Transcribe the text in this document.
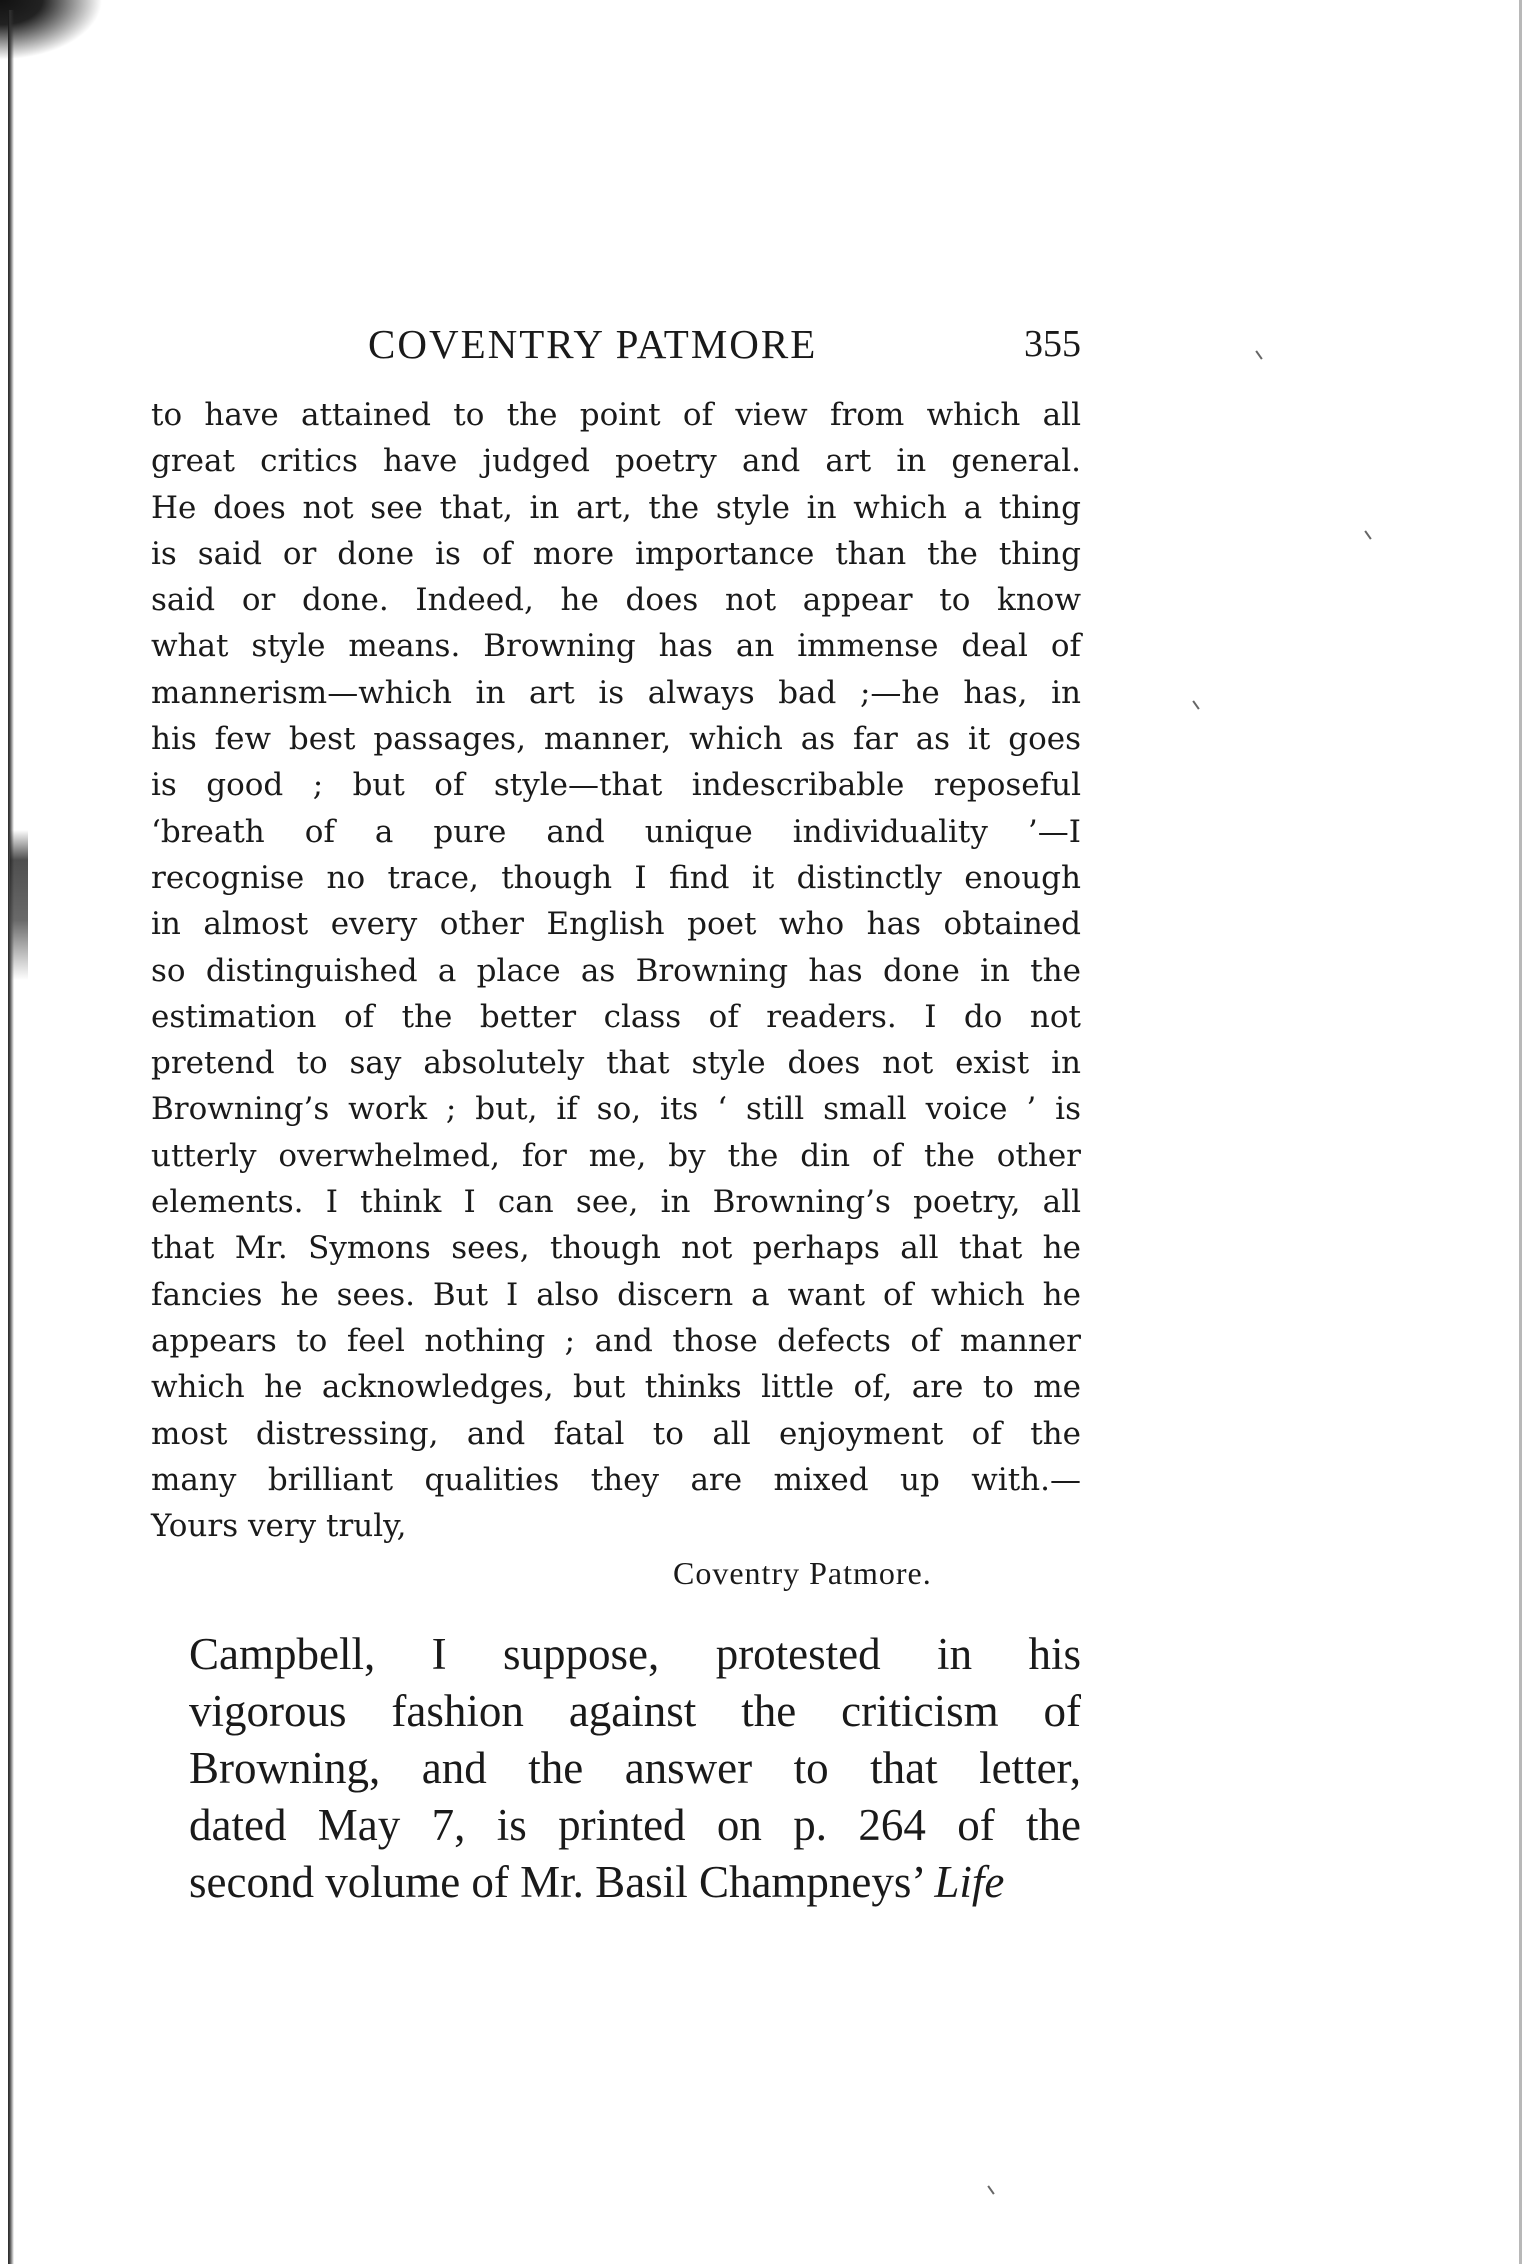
COVENTRY PATMORE	355
to have attained to the point of view from which all
great critics have judged poetry and art in general.
He does not see that, in art, the style in which a thing
is said or done is of more importance than the thing
said or done. Indeed, he does not appear to know
what style means. Browning has an immense deal of
mannerism—which in art is always bad ;—he has, in
his few best passages, manner, which as far as it goes
is good ; but of style—that indescribable reposeful
‘breath of a pure and unique individuality ’—I
recognise no trace, though I find it distinctly enough
in almost every other English poet who has obtained
so distinguished a place as Browning has done in the
estimation of the better class of readers. I do not
pretend to say absolutely that style does not exist in
Browning’s work ; but, if so, its ‘ still small voice ’ is
utterly overwhelmed, for me, by the din of the other
elements. I think I can see, in Browning’s poetry, all
that Mr. Symons sees, though not perhaps all that he
fancies he sees. But I also discern a want of which he
appears to feel nothing ; and those defects of manner
which he acknowledges, but thinks little of, are to me
most distressing, and fatal to all enjoyment of the
many brilliant qualities they are mixed up with.—
Yours very truly,
Coventry Patmore.
Campbell, I suppose, protested in his
vigorous fashion against the criticism of
Browning, and the answer to that letter,
dated May 7, is printed on p. 264 of the
second volume of Mr. Basil Champneys’ Life
